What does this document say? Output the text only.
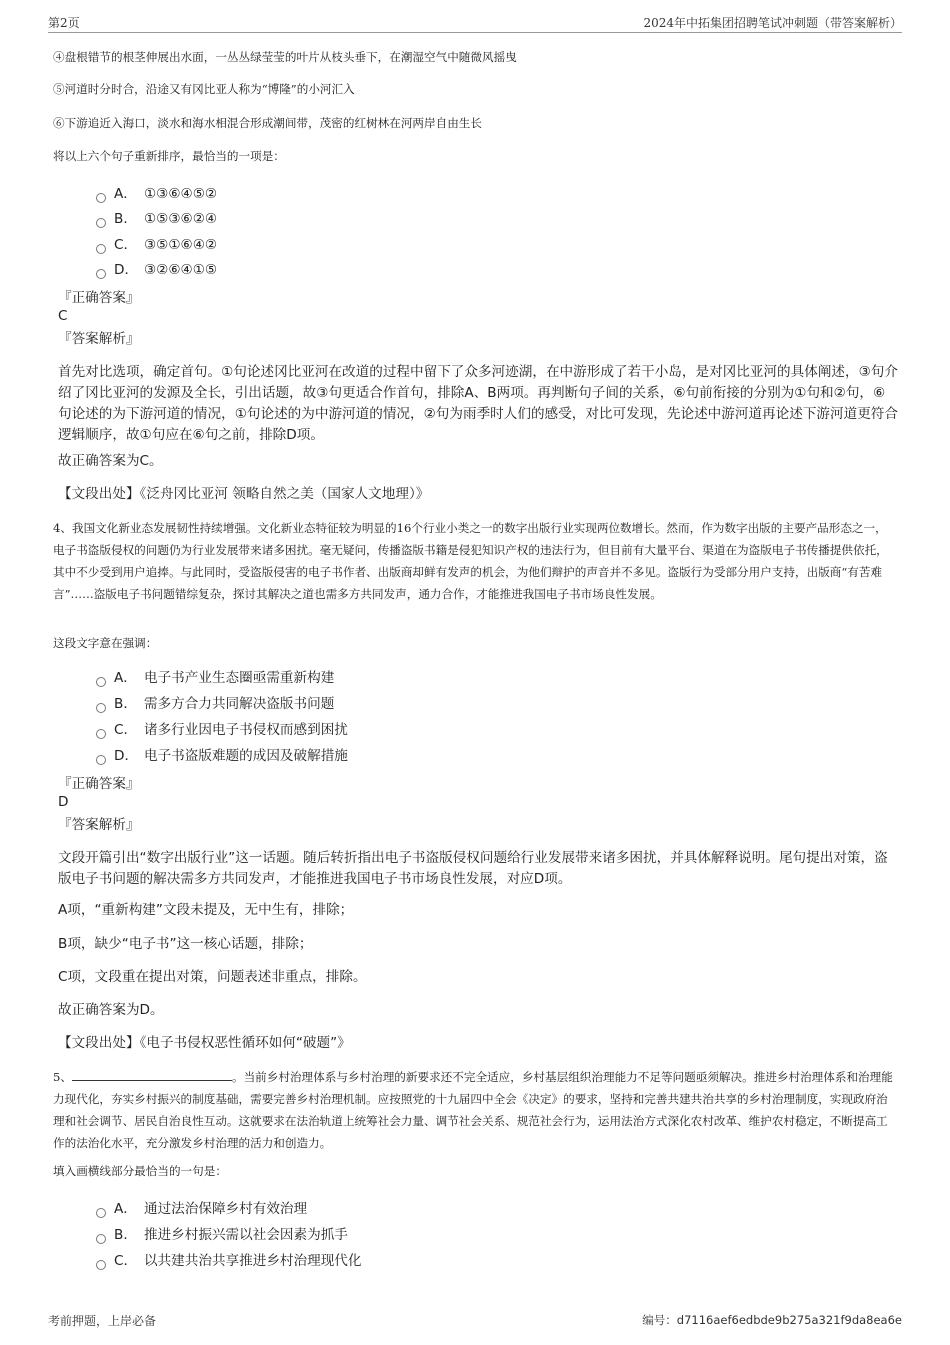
第2页	2024年中拓集团招聘笔试冲刺题（带答案解析）

④盘根错节的根茎伸展出水面，一丛丛绿莹莹的叶片从枝头垂下，在潮湿空气中随微风摇曳

⑤河道时分时合，沿途又有冈比亚人称为“博隆”的小河汇入

⑥下游追近入海口，淡水和海水相混合形成潮间带，茂密的红树林在河两岸自由生长

将以上六个句子重新排序，最恰当的一项是：

A． ①③⑥④⑤②
B． ①⑤③⑥②④
C． ③⑤①⑥④②
D． ③②⑥④①⑤

『正确答案』

C

『答案解析』

首先对比选项，确定首句。①句论述冈比亚河在改道的过程中留下了众多河迹湖，在中游形成了若干小岛，是对冈比亚河的具体阐述，③句介绍了冈比亚河的发源及全长，引出话题，故③句更适合作首句，排除A、B两项。再判断句子间的关系，⑥句前衔接的分别为①句和②句，⑥句论述的为下游河道的情况，①句论述的为中游河道的情况，②句为雨季时人们的感受，对比可发现，先论述中游河道再论述下游河道更符合逻辑顺序，故①句应在⑥句之前，排除D项。

故正确答案为C。

【文段出处】《泛舟冈比亚河 领略自然之美（国家人文地理）》

4、我国文化新业态发展韧性持续增强。文化新业态特征较为明显的16个行业小类之一的数字出版行业实现两位数增长。然而，作为数字出版的主要产品形态之一，电子书盗版侵权的问题仍为行业发展带来诸多困扰。毫无疑问，传播盗版书籍是侵犯知识产权的违法行为，但目前有大量平台、渠道在为盗版电子书传播提供依托，其中不少受到用户追捧。与此同时，受盗版侵害的电子书作者、出版商却鲜有发声的机会，为他们辩护的声音并不多见。盗版行为受部分用户支持，出版商“有苦难言”……盗版电子书问题错综复杂，探讨其解决之道也需多方共同发声，通力合作，才能推进我国电子书市场良性发展。

这段文字意在强调：

A． 电子书产业生态圈亟需重新构建
B． 需多方合力共同解决盗版书问题
C． 诸多行业因电子书侵权而感到困扰
D． 电子书盗版难题的成因及破解措施

『正确答案』

D

『答案解析』

文段开篇引出“数字出版行业”这一话题。随后转折指出电子书盗版侵权问题给行业发展带来诸多困扰，并具体解释说明。尾句提出对策，盗版电子书问题的解决需多方共同发声，才能推进我国电子书市场良性发展，对应D项。

A项，“重新构建”文段未提及，无中生有，排除；

B项，缺少“电子书”这一核心话题，排除；

C项，文段重在提出对策，问题表述非重点，排除。

故正确答案为D。

【文段出处】《电子书侵权恶性循环如何“破题”》

5、	。当前乡村治理体系与乡村治理的新要求还不完全适应，乡村基层组织治理能力不足等问题亟须解决。推进乡村治理体系和治理能力现代化，夯实乡村振兴的制度基础，需要完善乡村治理机制。应按照党的十九届四中全会《决定》的要求，坚持和完善共建共治共享的乡村治理制度，实现政府治理和社会调节、居民自治良性互动。这就要求在法治轨道上统筹社会力量、调节社会关系、规范社会行为，运用法治方式深化农村改革、维护农村稳定，不断提高工作的法治化水平，充分激发乡村治理的活力和创造力。

填入画横线部分最恰当的一句是：

A． 通过法治保障乡村有效治理
B． 推进乡村振兴需以社会因素为抓手
C． 以共建共治共享推进乡村治理现代化
考前押题，上岸必备	编号：d7116aef6edbde9b275a321f9da8ea6e
